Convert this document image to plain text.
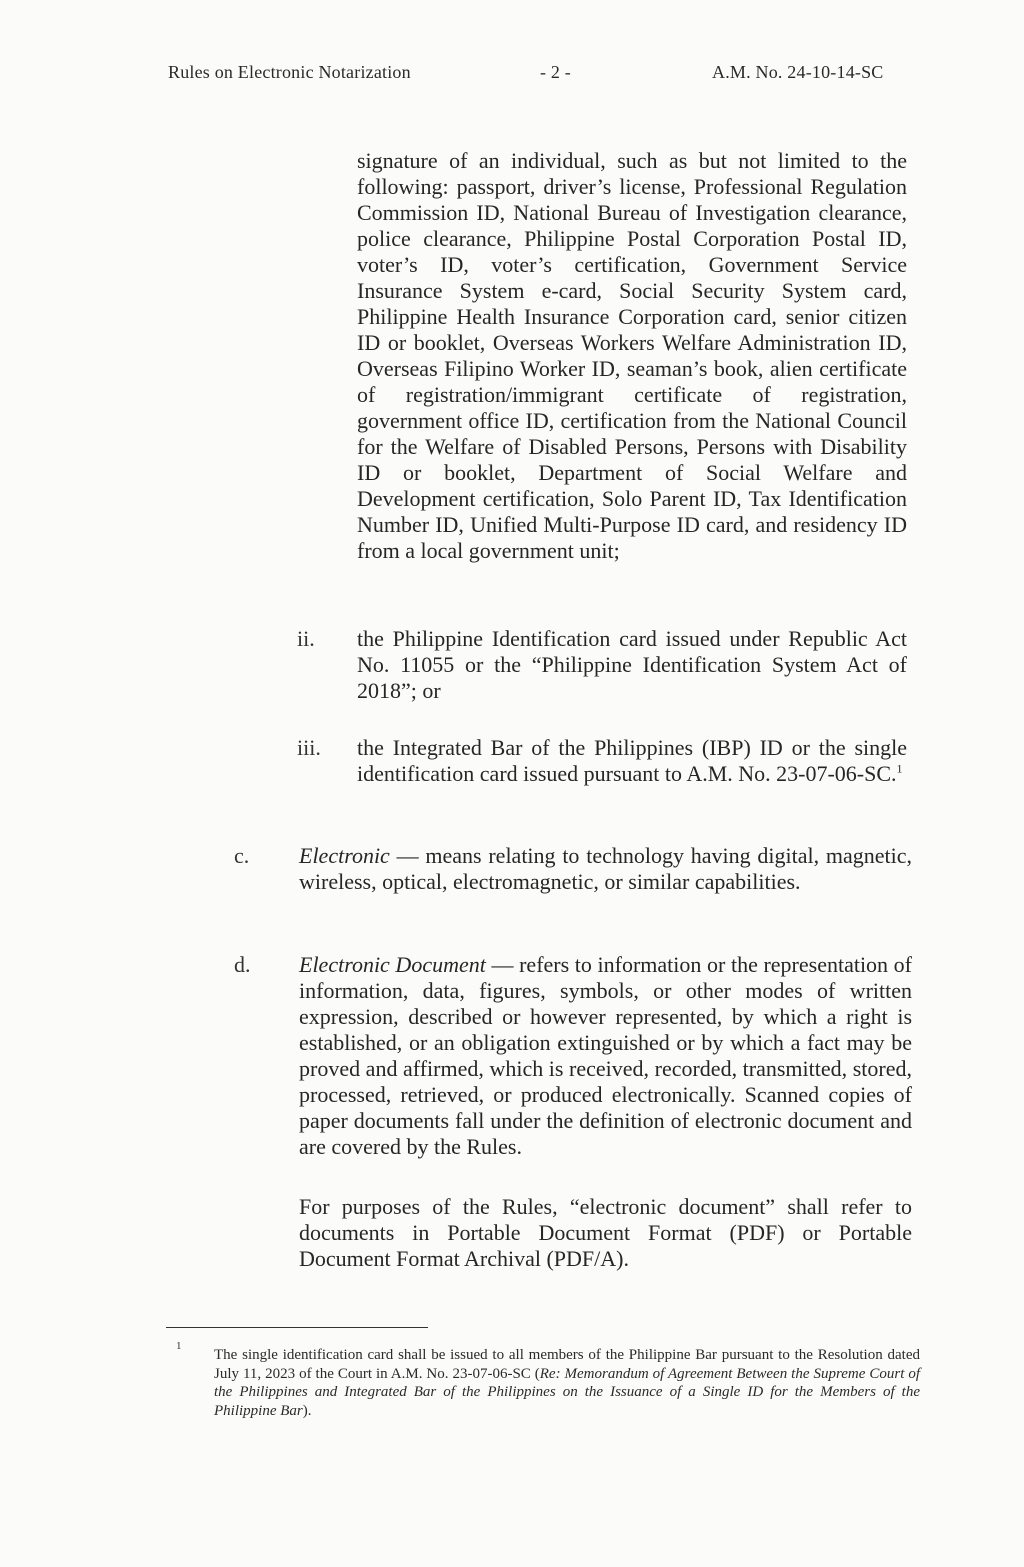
Rules on Electronic Notarization	- 2 -	A.M. No. 24-10-14-SC
signature of an individual, such as but not limited to the following: passport, driver’s license, Professional Regulation Commission ID, National Bureau of Investigation clearance, police clearance, Philippine Postal Corporation Postal ID, voter’s ID, voter’s certification, Government Service Insurance System e-card, Social Security System card, Philippine Health Insurance Corporation card, senior citizen ID or booklet, Overseas Workers Welfare Administration ID, Overseas Filipino Worker ID, seaman’s book, alien certificate of registration/immigrant certificate of registration, government office ID, certification from the National Council for the Welfare of Disabled Persons, Persons with Disability ID or booklet, Department of Social Welfare and Development certification, Solo Parent ID, Tax Identification Number ID, Unified Multi-Purpose ID card, and residency ID from a local government unit;
ii. the Philippine Identification card issued under Republic Act No. 11055 or the “Philippine Identification System Act of 2018”; or
iii. the Integrated Bar of the Philippines (IBP) ID or the single identification card issued pursuant to A.M. No. 23-07-06-SC.$^1$
c. Electronic — means relating to technology having digital, magnetic, wireless, optical, electromagnetic, or similar capabilities.
d. Electronic Document — refers to information or the representation of information, data, figures, symbols, or other modes of written expression, described or however represented, by which a right is established, or an obligation extinguished or by which a fact may be proved and affirmed, which is received, recorded, transmitted, stored, processed, retrieved, or produced electronically. Scanned copies of paper documents fall under the definition of electronic document and are covered by the Rules.
For purposes of the Rules, “electronic document” shall refer to documents in Portable Document Format (PDF) or Portable Document Format Archival (PDF/A).
1
The single identification card shall be issued to all members of the Philippine Bar pursuant to the Resolution dated July 11, 2023 of the Court in A.M. No. 23-07-06-SC (Re: Memorandum of Agreement Between the Supreme Court of the Philippines and Integrated Bar of the Philippines on the Issuance of a Single ID for the Members of the Philippine Bar).
